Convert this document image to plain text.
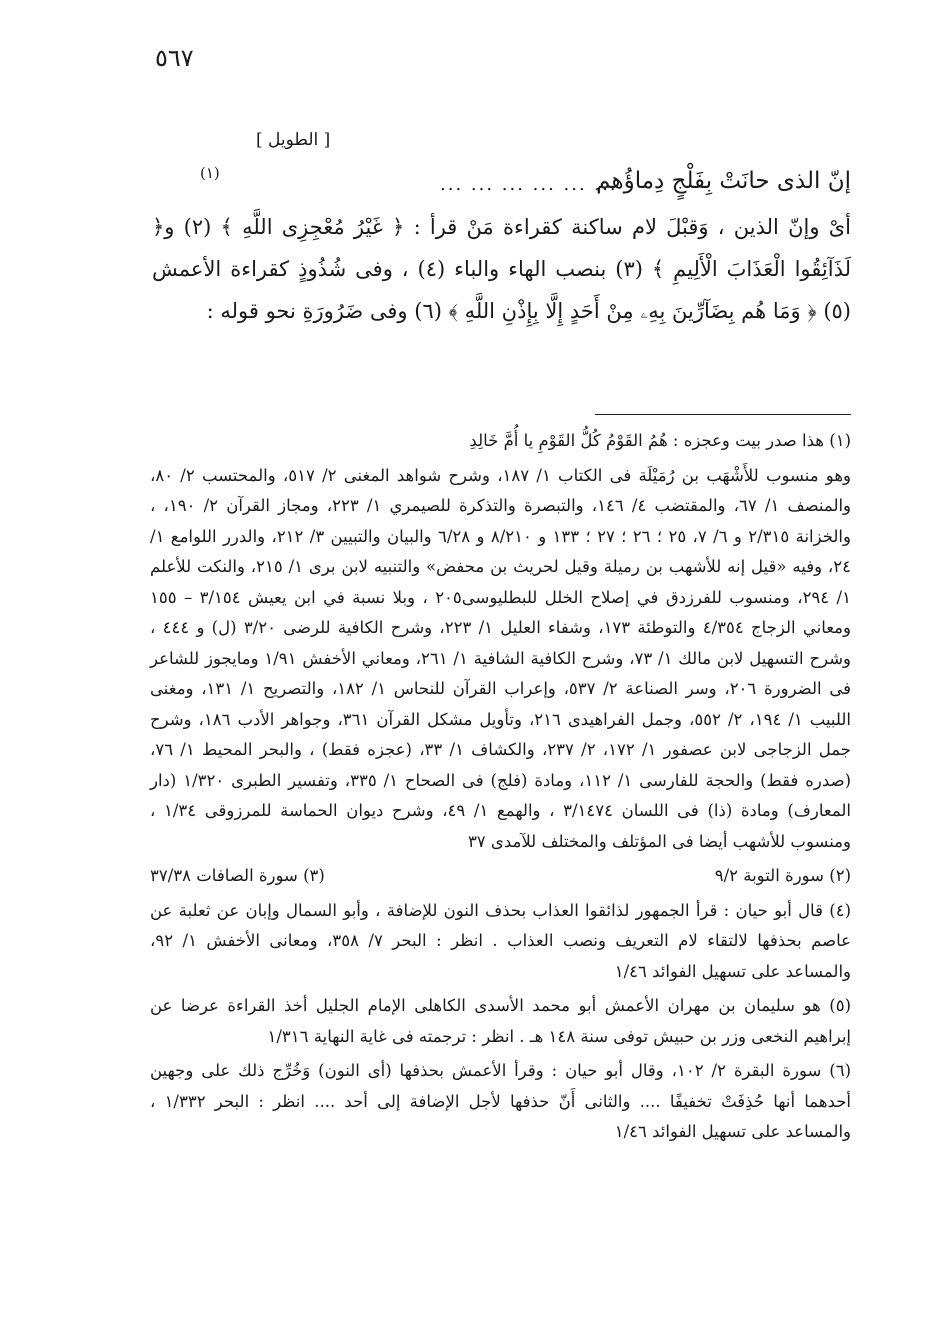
٥٦٧
[ الطويل ]
إنّ الذى حانَتْ بِفَلْجٍ دِماؤُهم
... ... ... ... ... ...
(١)

أىْ وإنّ الذين ، وَقبْلَ لام ساكنة كقراءة مَنْ قرأ : ﴿ غَيْرُ مُعْجِزِى اللَّهِ ﴾ (٢) و﴿ لَذَآئِقُوا الْعَذَابَ الْأَلِيمِ ﴾ (٣) بنصب الهاء والباء (٤) ، وفى شُذُوذٍ كقراءة الأعمش (٥) ﴿ وَمَا هُم بِضَآرِّينَ بِهِۦ مِنْ أَحَدٍ إِلَّا بِإِذْنِ اللَّهِ ﴾ (٦) وفى ضَرُورَةِ نحو قوله :

(١) هذا صدر بيت وعجزه : هُمُ القَوْمُ كُلُّ القَوْمِ يا أُمَّ خَالِدِ

وهو منسوب للأَشْهَب بن رُمَيْلَة فى الكتاب ١/ ١٨٧، وشرح شواهد المغنى ٢/ ٥١٧، والمحتسب ٢/ ٨٠، والمنصف ١/ ٦٧، والمقتضب ٤/ ١٤٦، والتبصرة والتذكرة للصيمري ١/ ٢٢٣، ومجاز القرآن ٢/ ١٩٠، ، والخزانة ٢/٣١٥ و ٦/ ٧، ٢٥ ؛ ٢٦ ؛ ٢٧ ؛ ١٣٣ و ٨/٢١٠ و ٦/٢٨ والبيان والتبيين ٣/ ٢١٢، والدرر اللوامع ١/ ٢٤، وفيه «قيل إنه للأشهب بن رميلة وقيل لحريث بن محفض» والتنبيه لابن برى ١/ ٢١٥، والنكت للأعلم ١/ ٢٩٤، ومنسوب للفرزدق في إصلاح الخلل للبطليوسى٢٠٥ ، وبلا نسبة في ابن يعيش ٣/١٥٤ – ١٥٥ ومعاني الزجاج ٤/٣٥٤ والتوطئة ١٧٣، وشفاء العليل ١/ ٢٢٣، وشرح الكافية للرضى ٣/٢٠ (ل) و ٤٤٤ ، وشرح التسهيل لابن مالك ١/ ٧٣، وشرح الكافية الشافية ١/ ٢٦١، ومعاني الأخفش ١/٩١ ومايجوز للشاعر فى الضرورة ٢٠٦، وسر الصناعة ٢/ ٥٣٧، وإعراب القرآن للنحاس ١/ ١٨٢، والتصريح ١/ ١٣١، ومغنى اللبيب ١/ ١٩٤، ٢/ ٥٥٢، وجمل الفراهيدى ٢١٦، وتأويل مشكل القرآن ٣٦١، وجواهر الأدب ١٨٦، وشرح جمل الزجاجى لابن عصفور ١/ ١٧٢، ٢/ ٢٣٧، والكشاف ١/ ٣٣، (عجزه فقط) ، والبحر المحيط ١/ ٧٦، (صدره فقط) والحجة للفارسى ١/ ١١٢، ومادة (فلج) فى الصحاح ١/ ٣٣٥، وتفسير الطبرى ١/٣٢٠ (دار المعارف) ومادة (ذا) فى اللسان ٣/١٤٧٤ ، والهمع ١/ ٤٩، وشرح ديوان الحماسة للمرزوقى ١/٣٤ ، ومنسوب للأشهب أيضا فى المؤتلف والمختلف للآمدى ٣٧

(٢) سورة التوبة ٩/٢
(٣) سورة الصافات ٣٧/٣٨

(٤) قال أبو حيان : قرأ الجمهور لذائقوا العذاب بحذف النون للإضافة ، وأبو السمال وإبان عن ثعلبة عن عاصم بحذفها لالتقاء لام التعريف ونصب العذاب . انظر : البحر ٧/ ٣٥٨، ومعانى الأخفش ١/ ٩٢، والمساعد على تسهيل الفوائد ١/٤٦

(٥) هو سليمان بن مهران الأعمش أبو محمد الأسدى الكاهلى الإمام الجليل أخذ القراءة عرضا عن إبراهيم النخعى وزر بن حبيش توفى سنة ١٤٨ هـ . انظر : ترجمته فى غاية النهاية ١/٣١٦

(٦) سورة البقرة ٢/ ١٠٢، وقال أبو حيان : وقرأ الأعمش بحذفها (أى النون) وَخُرِّج ذلك على وجهين أحدهما أنها حُذِفَتْ تخفيفًا .... والثانى أَنّ حذفها لأجل الإضافة إلى أحد .... انظر : البحر ١/٣٣٢ ، والمساعد على تسهيل الفوائد ١/٤٦
